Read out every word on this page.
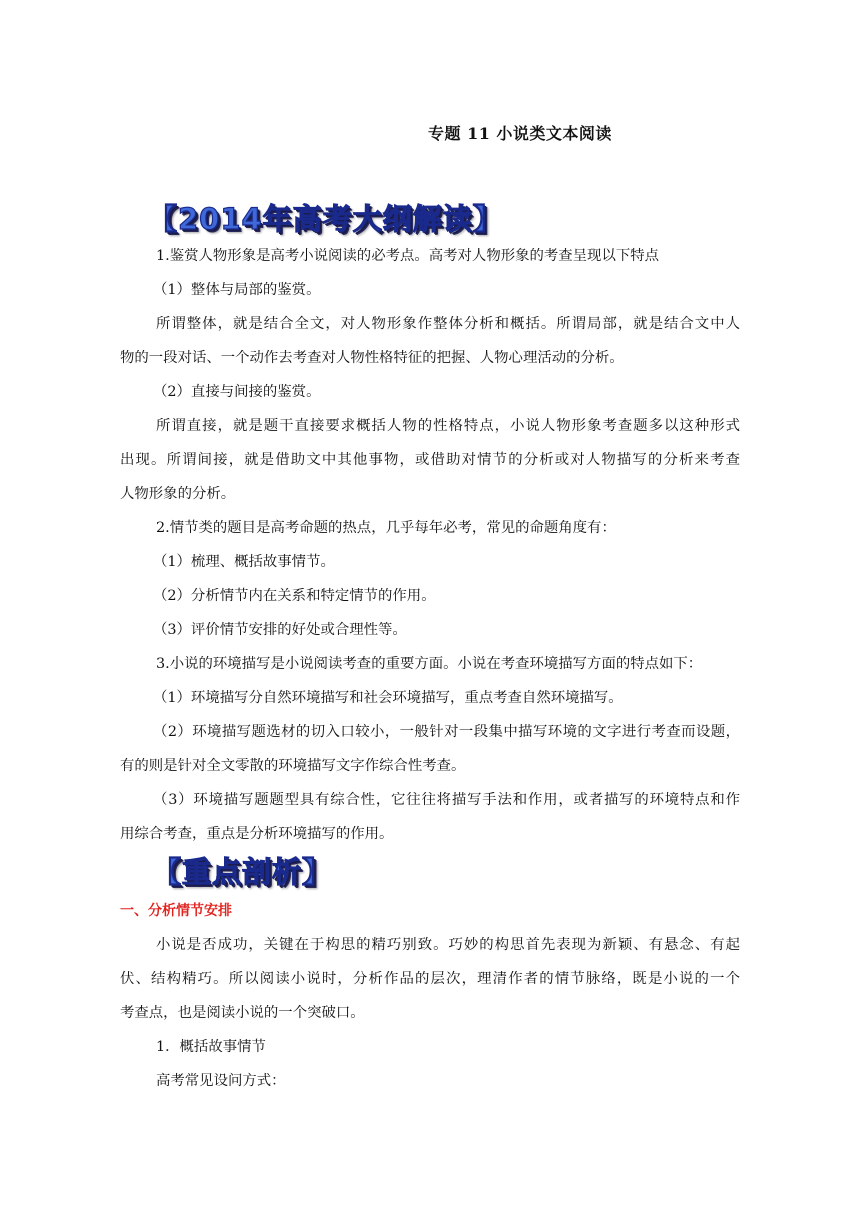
专题 11 小说类文本阅读
【2014年高考大纲解读】
1.鉴赏人物形象是高考小说阅读的必考点。高考对人物形象的考查呈现以下特点
（1）整体与局部的鉴赏。
所谓整体，就是结合全文，对人物形象作整体分析和概括。所谓局部，就是结合文中人
物的一段对话、一个动作去考查对人物性格特征的把握、人物心理活动的分析。
（2）直接与间接的鉴赏。
所谓直接，就是题干直接要求概括人物的性格特点，小说人物形象考查题多以这种形式
出现。所谓间接，就是借助文中其他事物，或借助对情节的分析或对人物描写的分析来考查
人物形象的分析。
2.情节类的题目是高考命题的热点，几乎每年必考，常见的命题角度有：
（1）梳理、概括故事情节。
（2）分析情节内在关系和特定情节的作用。
（3）评价情节安排的好处或合理性等。
3.小说的环境描写是小说阅读考查的重要方面。小说在考查环境描写方面的特点如下：
（1）环境描写分自然环境描写和社会环境描写，重点考查自然环境描写。
（2）环境描写题选材的切入口较小，一般针对一段集中描写环境的文字进行考查而设题，
有的则是针对全文零散的环境描写文字作综合性考查。
（3）环境描写题题型具有综合性，它往往将描写手法和作用，或者描写的环境特点和作
用综合考查，重点是分析环境描写的作用。
【重点剖析】
一、分析情节安排
小说是否成功，关键在于构思的精巧别致。巧妙的构思首先表现为新颖、有悬念、有起
伏、结构精巧。所以阅读小说时，分析作品的层次，理清作者的情节脉络，既是小说的一个
考查点，也是阅读小说的一个突破口。
1．概括故事情节
高考常见设问方式：
